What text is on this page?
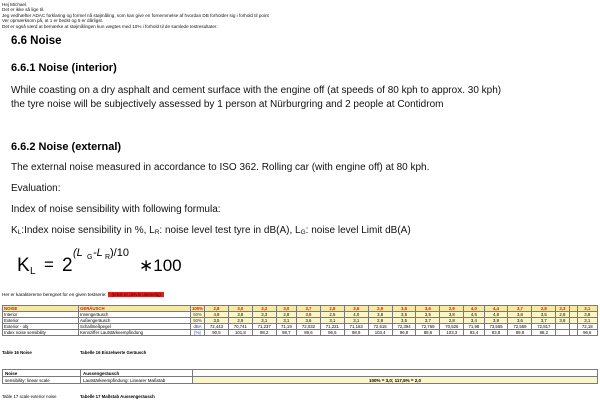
Hej Michael.
Det er ikke så lige til.
Jeg vedhæfter ADAC forklaring og formel nå støjmåling, som kan give en fornemmelse af hvordan DB forholder sig i forhold til point
Ver opmærksom på, at 1 er bedst og 5 er dårligst.
Det er også værd at bemærke at støjmålingen kun vægtes med 10% i forhold til de samlede testresultater.
6.6 Noise
6.6.1 Noise (interior)
While coasting on a dry asphalt and cement surface with the engine off (at speeds of 80 kph to approx. 30 kph) the tyre noise will be subjectively assessed by 1 person at Nürburgring and 2 people at Contidrom
6.6.2 Noise (external)
The external noise measured in accordance to ISO 362. Rolling car (with engine off) at 80 kph.
Evaluation:
Index of noise sensibility with following formula:
KL:Index noise sensibility in %, LR: noise level test tyre in dB(A), LG: noise level Limit dB(A)
K L = 2
(L G -L R )/10
∗100
Her er karaktererne beregnet for en given testserie: (tekst er delvis ulæselig)
NOISE	GERÄUSCH	100%	2,8	3,0	3,2	3,0	3,7	2,8	3,6	2,9	3,5	3,6	2,9	4,0	4,4	3,7	2,8	3,3		3,1
Interior	Innengeräusch	50%	4,8	3,8	3,3	2,8	3,8	2,5	4,0	3,8	3,5	3,5	3,8	4,5	4,8	3,8	3,5	2,8		3,8
Exterior	Außengeräusch	50%	3,5	2,9	3,1	3,1	3,6	3,1	3,1	2,8	3,5	3,7	2,8	3,4	3,9	3,6	3,7	3,8		3,1
Exterior - obj	Schallmeßpegel	dBA	72,443	70,741	71,237	71,19	72,032	71,221	71,163	72,516	72,394	72,769	70,526	71,98	73,555	72,559	72,817			72,18
Index noise sensibility	Kennziffer Lautstärkeempfindung	[%]	90,5	101,8	98,2	98,7	89,6	96,5	98,9	103,4	96,8	88,6	103,3	93,4	83,8	89,8	88,2			96,6
Table 16 Noise	Tabelle 16 Einzelwerte Geräusch
Noise	Aussengeräusch	
sensibility: linear scale	Lautstärkeempfindung: Linearer Maßstab	100% = 3,0; 117,5% = 2,0
Table 17 scale exterior noise	Tabelle 17 Maßstab Aussengeräusch
